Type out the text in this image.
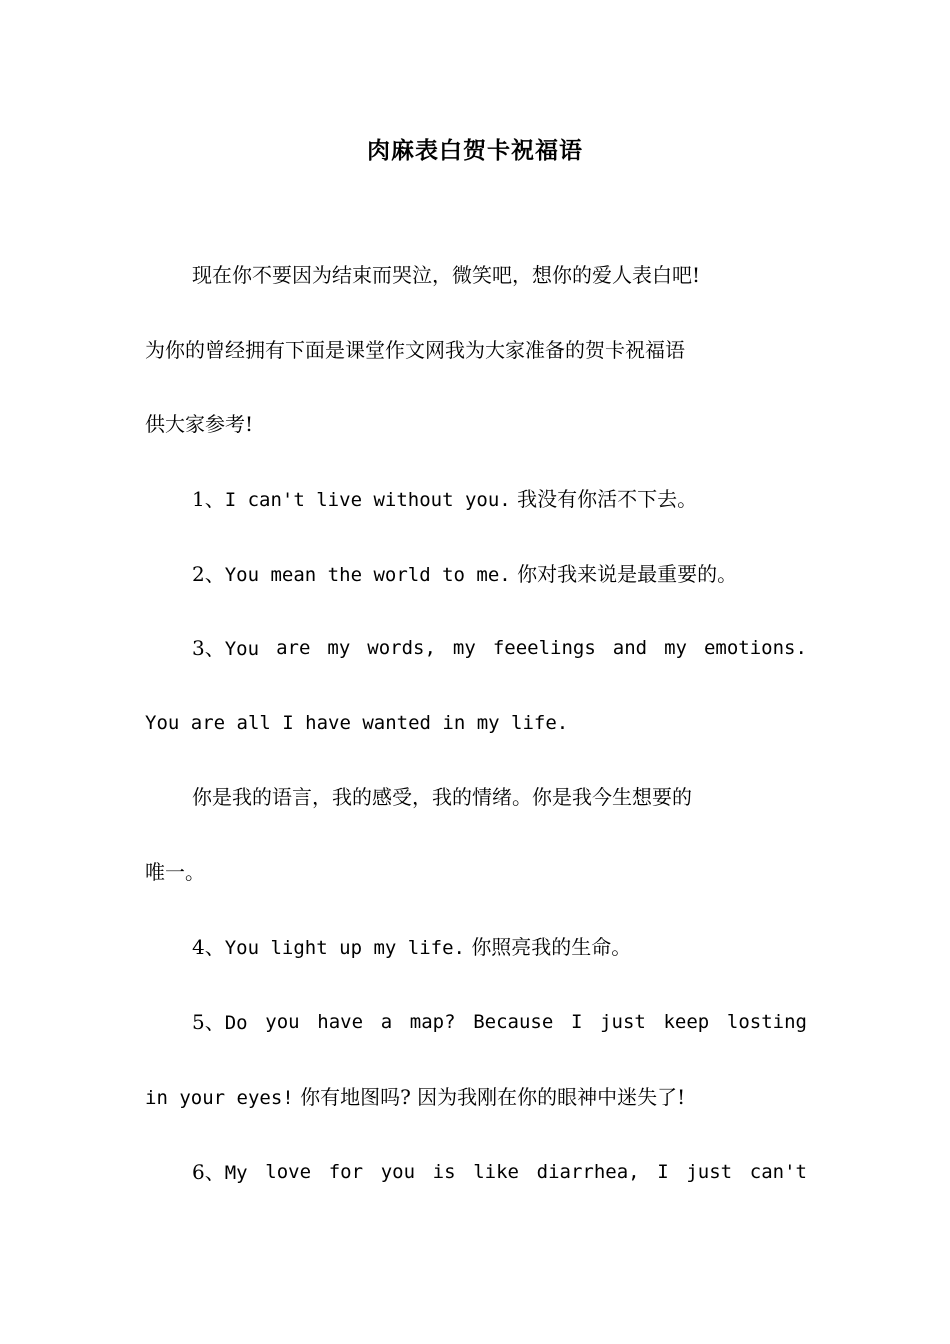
肉麻表白贺卡祝福语
现在你不要因为结束而哭泣，微笑吧，想你的爱人表白吧!
为你的曾经拥有下面是课堂作文网我为大家准备的贺卡祝福语
供大家参考!
1、I can't live without you. 我没有你活不下去。
2、You mean the world to me. 你对我来说是最重要的。
3、You are my words, my feeelings and my emotions.
You are all I have wanted in my life.
你是我的语言，我的感受，我的情绪。你是我今生想要的
唯一。
4、You light up my life. 你照亮我的生命。
5、Do you have a map? Because I just keep losting
in your eyes! 你有地图吗? 因为我刚在你的眼神中迷失了!
6、My love for you is like diarrhea, I just can't
